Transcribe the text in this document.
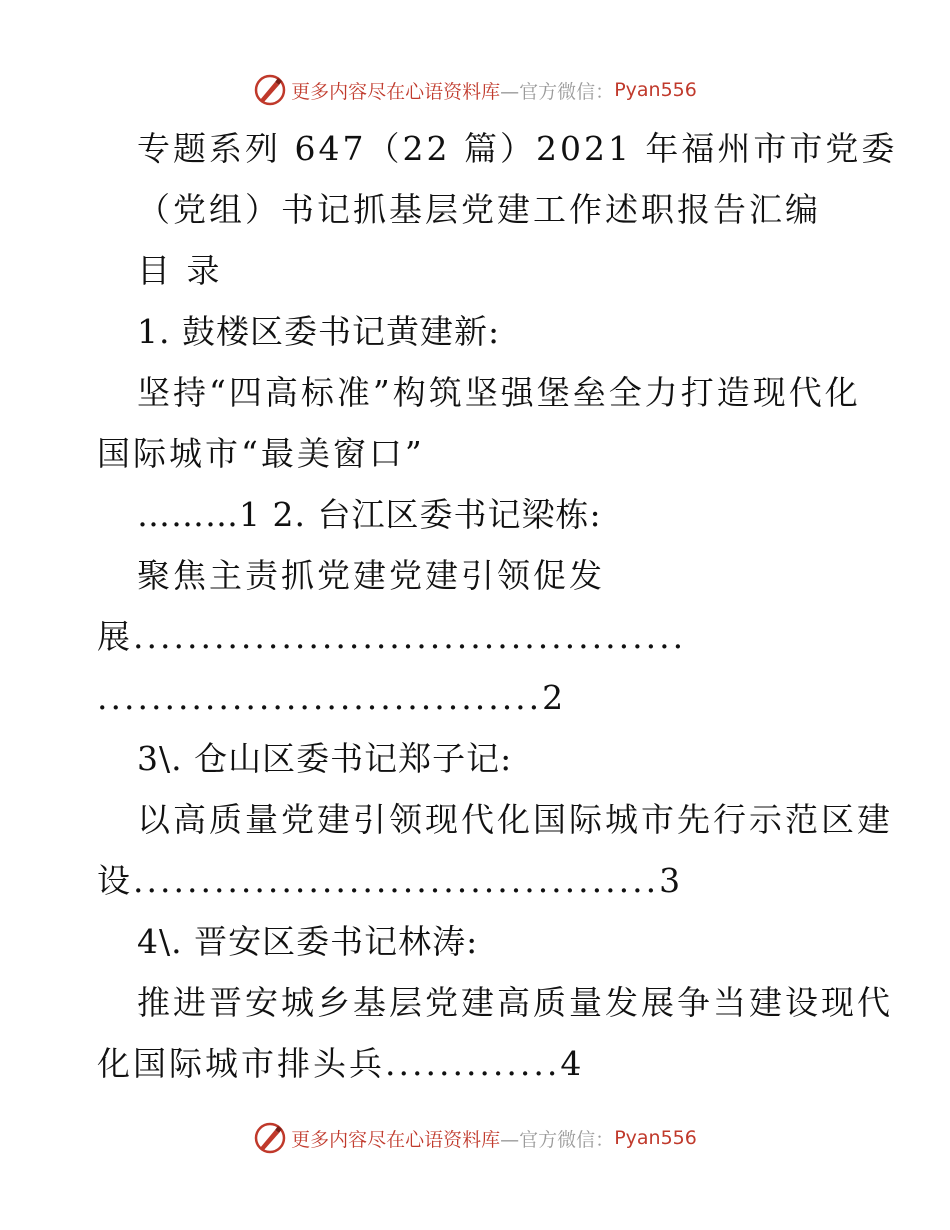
更多内容尽在心语资料库 —官方微信： Pyan556
专题系列 647（22 篇）2021 年福州市市党委
（党组）书记抓基层党建工作述职报告汇编
目 录
1. 鼓楼区委书记黄建新:
坚持“四高标准”构筑坚强堡垒全力打造现代化
国际城市“最美窗口”
………1 2. 台江区委书记梁栋:
聚焦主责抓党建党建引领促发
展.........................................
.................................2
3\. 仓山区委书记郑子记:
以高质量党建引领现代化国际城市先行示范区建
设.......................................3
4\. 晋安区委书记林涛:
推进晋安城乡基层党建高质量发展争当建设现代
化国际城市排头兵.............4
更多内容尽在心语资料库 —官方微信： Pyan556
